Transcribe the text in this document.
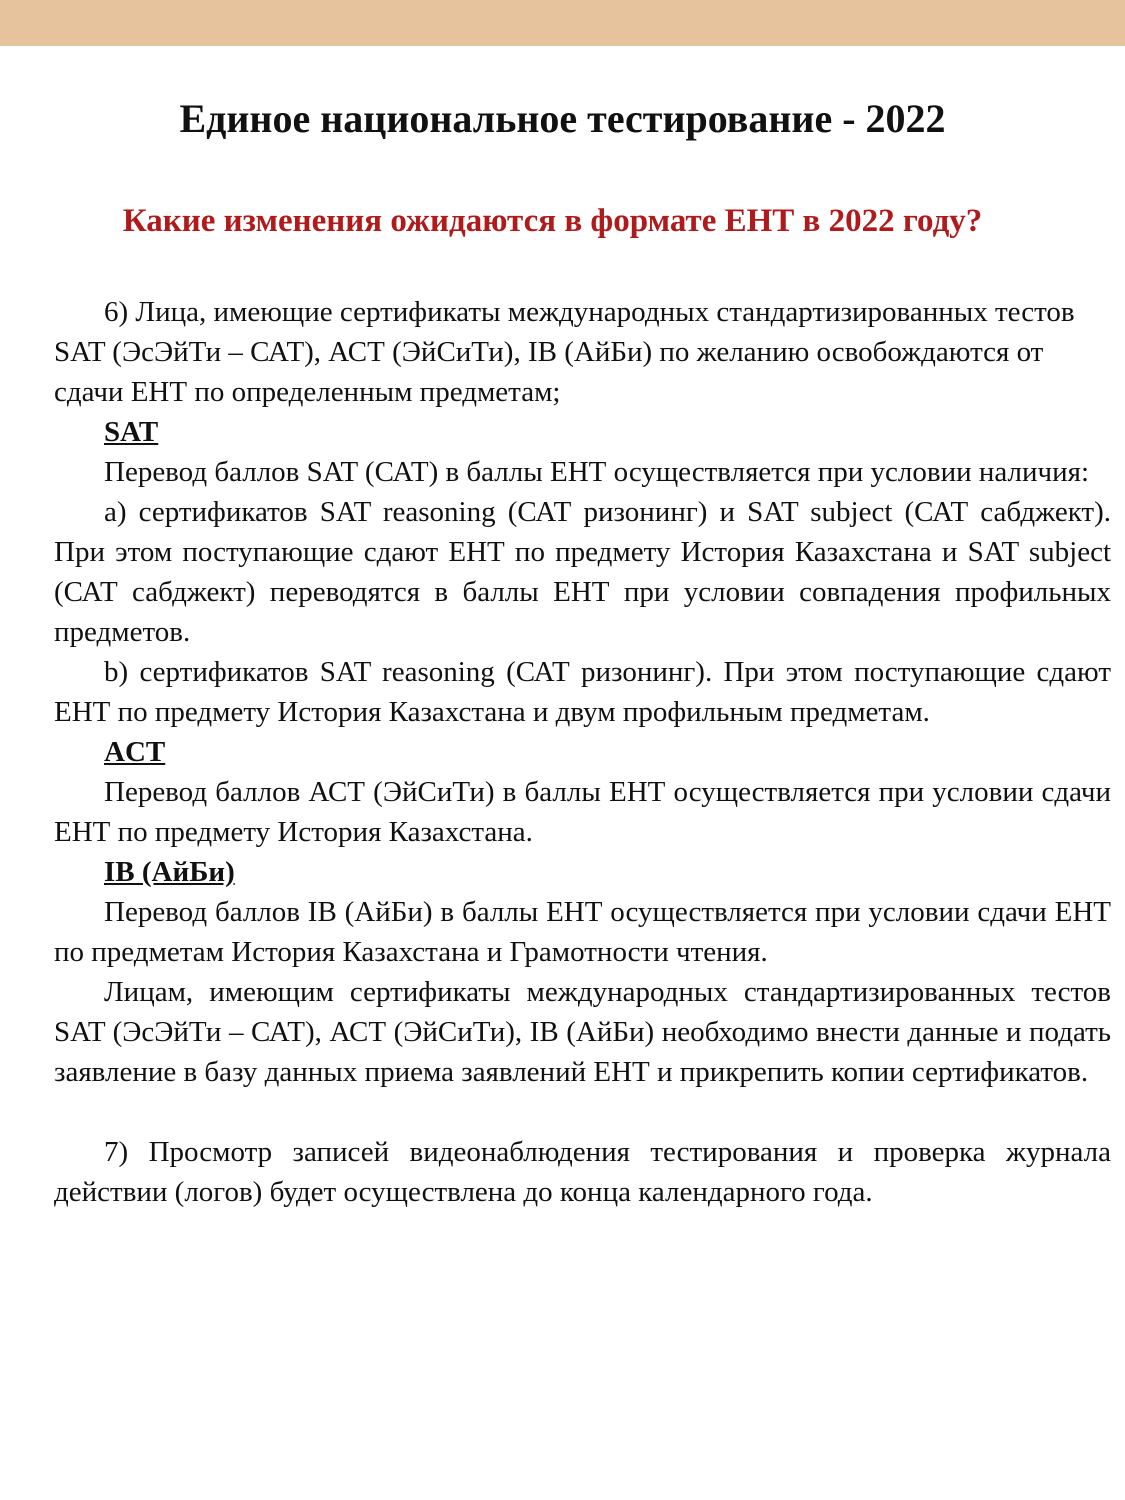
Единое национальное тестирование - 2022
Какие изменения ожидаются в формате ЕНТ в 2022 году?

6) Лица, имеющие сертификаты международных стандартизированных тестов SAT (ЭсЭйТи – САТ), АСТ (ЭйСиТи), IB (АйБи) по желанию освобождаются от сдачи ЕНТ по определенным предметам;

SAT

Перевод баллов SAT (САТ) в баллы ЕНТ осуществляется при условии наличия:

а) сертификатов SAT reasoning (САТ ризонинг) и SAT subject (САТ сабджект). При этом поступающие сдают ЕНТ по предмету История Казахстана и SAT subject (САТ сабджект) переводятся в баллы ЕНТ при условии совпадения профильных предметов.

b) сертификатов SAT reasoning (САТ ризонинг). При этом поступающие сдают ЕНТ по предмету История Казахстана и двум профильным предметам.

ACT

Перевод баллов АСТ (ЭйСиТи) в баллы ЕНТ осуществляется при условии сдачи ЕНТ по предмету История Казахстана.

IB (АйБи)

Перевод баллов IB (АйБи) в баллы ЕНТ осуществляется при условии сдачи ЕНТ по предметам История Казахстана и Грамотности чтения.

Лицам, имеющим сертификаты международных стандартизированных тестов SAT (ЭсЭйТи – САТ), АСТ (ЭйСиТи), IB (АйБи) необходимо внести данные и подать заявление в базу данных приема заявлений ЕНТ и прикрепить копии сертификатов.

7) Просмотр записей видеонаблюдения тестирования и проверка журнала действии (логов) будет осуществлена до конца календарного года.
